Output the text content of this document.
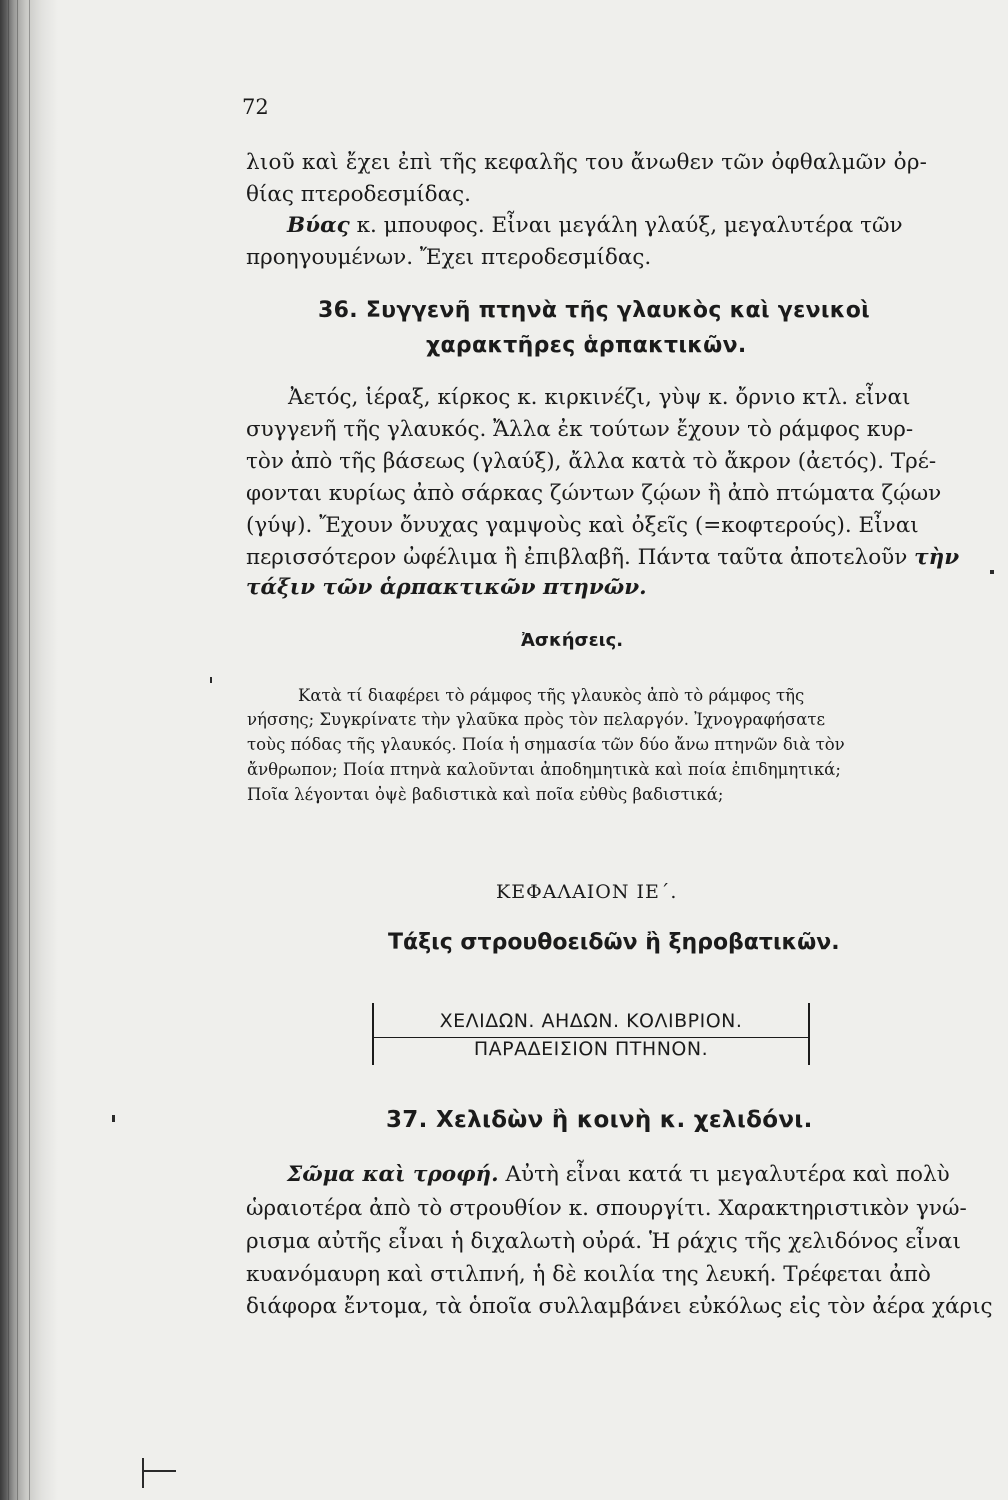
72
λιοῦ καὶ ἔχει ἐπὶ τῆς κεφαλῆς του ἄνωθεν τῶν ὀφθαλμῶν ὀρ-
θίας πτεροδεσμίδας.
Βύας κ. μπουφος. Εἶναι μεγάλη γλαύξ, μεγαλυτέρα τῶν
προηγουμένων. Ἔχει πτεροδεσμίδας.
36. Συγγενῆ πτηνὰ τῆς γλαυκὸς καὶ γενικοὶ
χαρακτῆρες ἁρπακτικῶν.
Ἀετός, ἱέραξ, κίρκος κ. κιρκινέζι, γὺψ κ. ὄρνιο κτλ. εἶναι
συγγενῆ τῆς γλαυκός. Ἄλλα ἐκ τούτων ἔχουν τὸ ράμφος κυρ-
τὸν ἀπὸ τῆς βάσεως (γλαύξ), ἄλλα κατὰ τὸ ἄκρον (ἀετός). Τρέ-
φονται κυρίως ἀπὸ σάρκας ζώντων ζῴων ἢ ἀπὸ πτώματα ζῴων
(γύψ). Ἔχουν ὄνυχας γαμψοὺς καὶ ὀξεῖς (=κοφτερούς). Εἶναι
περισσότερον ὠφέλιμα ἢ ἐπιβλαβῆ. Πάντα ταῦτα ἀποτελοῦν τὴν
τάξιν τῶν ἁρπακτικῶν πτηνῶν.
Ἀσκήσεις.
Κατὰ τί διαφέρει τὸ ράμφος τῆς γλαυκὸς ἀπὸ τὸ ράμφος τῆς
νήσσης; Συγκρίνατε τὴν γλαῦκα πρὸς τὸν πελαργόν. Ἰχνογραφήσατε
τοὺς πόδας τῆς γλαυκός. Ποία ἡ σημασία τῶν δύο ἄνω πτηνῶν διὰ τὸν
ἄνθρωπον; Ποία πτηνὰ καλοῦνται ἀποδημητικὰ καὶ ποία ἐπιδημητικά;
Ποῖα λέγονται ὀψὲ βαδιστικὰ καὶ ποῖα εὐθὺς βαδιστικά;
ΚΕΦΑΛΑΙΟΝ ΙΕ΄.
Τάξις στρουθοειδῶν ἢ ξηροβατικῶν.
ΧΕΛΙΔΩΝ. ΑΗΔΩΝ. ΚΟΛΙΒΡΙΟΝ.
ΠΑΡΑΔΕΙΣΙΟΝ ΠΤΗΝΟΝ.
37. Χελιδὼν ἢ κοινὴ κ. χελιδόνι.
Σῶμα καὶ τροφή. Αὐτὴ εἶναι κατά τι μεγαλυτέρα καὶ πολὺ
ὡραιοτέρα ἀπὸ τὸ στρουθίον κ. σπουργίτι. Χαρακτηριστικὸν γνώ-
ρισμα αὐτῆς εἶναι ἡ διχαλωτὴ οὐρά. Ἡ ράχις τῆς χελιδόνος εἶναι
κυανόμαυρη καὶ στιλπνή, ἡ δὲ κοιλία της λευκή. Τρέφεται ἀπὸ
διάφορα ἔντομα, τὰ ὁποῖα συλλαμβάνει εὐκόλως εἰς τὸν ἀέρα χάρις
